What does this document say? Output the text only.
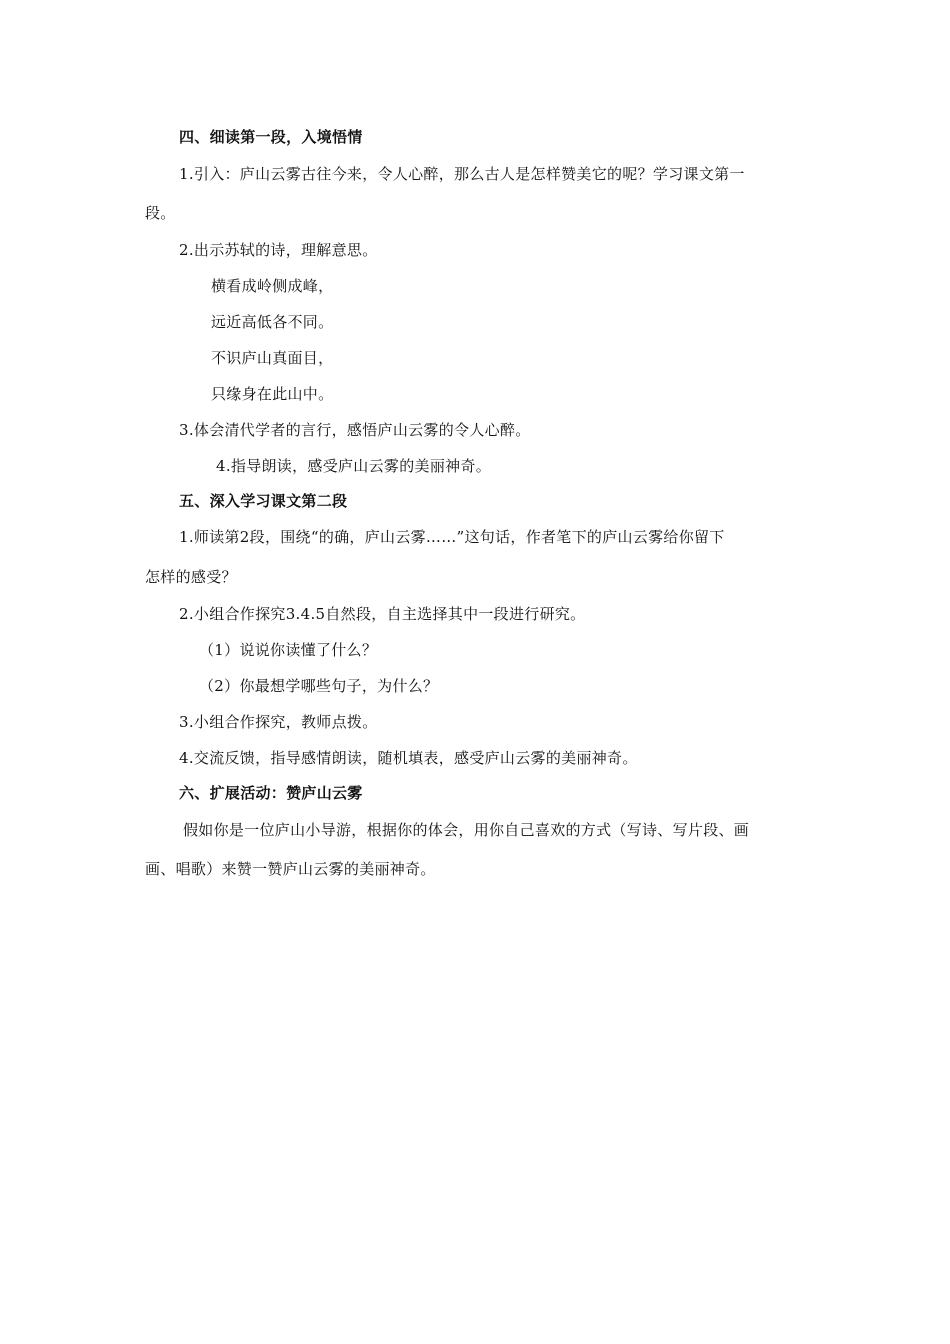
四、细读第一段，入境悟情
1.引入：庐山云雾古往今来，令人心醉，那么古人是怎样赞美它的呢？学习课文第一
段。
2.出示苏轼的诗，理解意思。
横看成岭侧成峰，
远近高低各不同。
不识庐山真面目，
只缘身在此山中。
3.体会清代学者的言行，感悟庐山云雾的令人心醉。
4.指导朗读，感受庐山云雾的美丽神奇。
五、深入学习课文第二段
1.师读第2段，围绕“的确，庐山云雾……”这句话，作者笔下的庐山云雾给你留下
怎样的感受？
2.小组合作探究3.4.5自然段，自主选择其中一段进行研究。
（1）说说你读懂了什么？
（2）你最想学哪些句子，为什么？
3.小组合作探究，教师点拨。
4.交流反馈，指导感情朗读，随机填表，感受庐山云雾的美丽神奇。
六、扩展活动：赞庐山云雾
假如你是一位庐山小导游，根据你的体会，用你自己喜欢的方式（写诗、写片段、画
画、唱歌）来赞一赞庐山云雾的美丽神奇。
